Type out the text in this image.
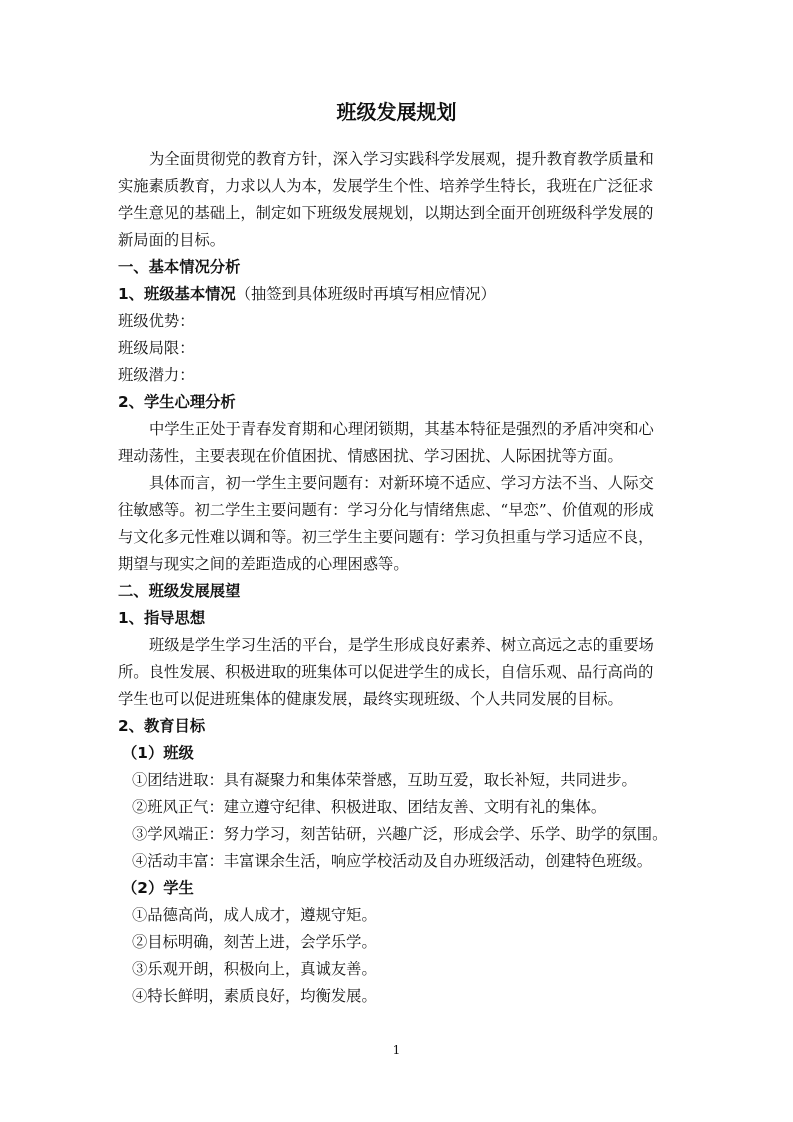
班级发展规划
为全面贯彻党的教育方针，深入学习实践科学发展观，提升教育教学质量和
实施素质教育，力求以人为本，发展学生个性、培养学生特长，我班在广泛征求
学生意见的基础上，制定如下班级发展规划，以期达到全面开创班级科学发展的
新局面的目标。
一、基本情况分析
1、班级基本情况（抽签到具体班级时再填写相应情况）
班级优势：
班级局限：
班级潜力：
2、学生心理分析
中学生正处于青春发育期和心理闭锁期，其基本特征是强烈的矛盾冲突和心
理动荡性，主要表现在价值困扰、情感困扰、学习困扰、人际困扰等方面。
具体而言，初一学生主要问题有：对新环境不适应、学习方法不当、人际交
往敏感等。初二学生主要问题有：学习分化与情绪焦虑、“早恋”、价值观的形成
与文化多元性难以调和等。初三学生主要问题有：学习负担重与学习适应不良，
期望与现实之间的差距造成的心理困惑等。
二、班级发展展望
1、指导思想
班级是学生学习生活的平台，是学生形成良好素养、树立高远之志的重要场
所。良性发展、积极进取的班集体可以促进学生的成长，自信乐观、品行高尚的
学生也可以促进班集体的健康发展，最终实现班级、个人共同发展的目标。
2、教育目标
（1）班级
①团结进取：具有凝聚力和集体荣誉感，互助互爱，取长补短，共同进步。
②班风正气：建立遵守纪律、积极进取、团结友善、文明有礼的集体。
③学风端正：努力学习，刻苦钻研，兴趣广泛，形成会学、乐学、助学的氛围。
④活动丰富：丰富课余生活，响应学校活动及自办班级活动，创建特色班级。
（2）学生
①品德高尚，成人成才，遵规守矩。
②目标明确，刻苦上进，会学乐学。
③乐观开朗，积极向上，真诚友善。
④特长鲜明，素质良好，均衡发展。
1
